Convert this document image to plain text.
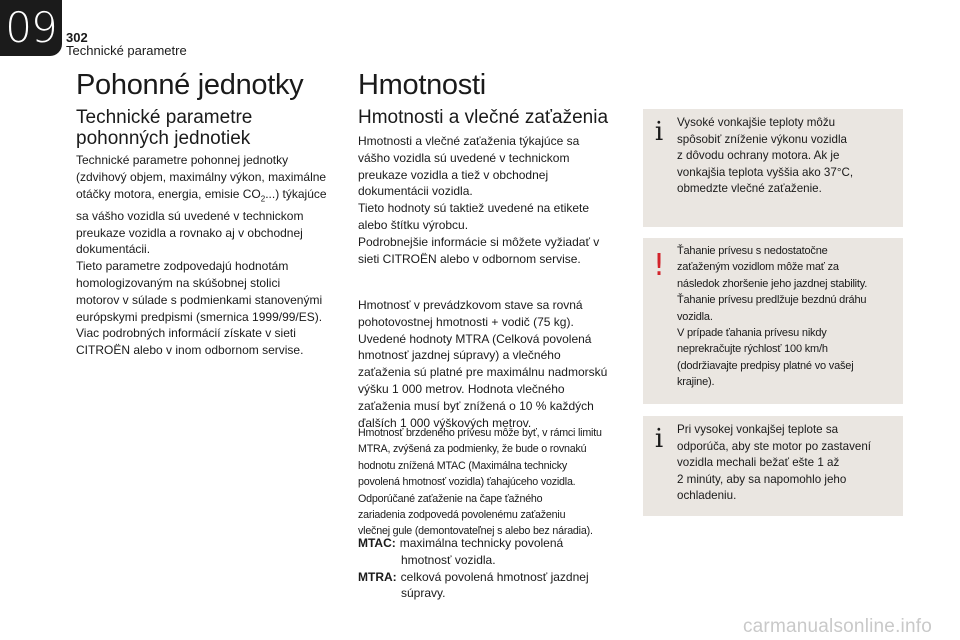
09 302
Technické parametre
Pohonné jednotky
Technické parametre
pohonných jednotiek

Technické parametre pohonnej jednotky

(zdvihový objem, maximálny výkon, maximálne

otáčky motora, energia, emisie $CO_2$...) týkajúce

sa vášho vozidla sú uvedené v technickom

preukaze vozidla a rovnako aj v obchodnej

dokumentácii.

Tieto parametre zodpovedajú hodnotám

homologizovaným na skúšobnej stolici

motorov v súlade s podmienkami stanovenými

európskymi predpismi (smernica 1999/99/ES).

Viac podrobných informácií získate v sieti

CITROËN alebo v inom odbornom servise.

Hmotnosti
Hmotnosti a vlečné zaťaženia

Hmotnosti a vlečné zaťaženia týkajúce sa

vášho vozidla sú uvedené v technickom

preukaze vozidla a tiež v obchodnej

dokumentácii vozidla.

Tieto hodnoty sú taktiež uvedené na etikete

alebo štítku výrobcu.

Podrobnejšie informácie si môžete vyžiadať v

sieti CITROËN alebo v odbornom servise.

Hmotnosť v prevádzkovom stave sa rovná

pohotovostnej hmotnosti + vodič (75 kg).

Uvedené hodnoty MTRA (Celková povolená

hmotnosť jazdnej súpravy) a vlečného

zaťaženia sú platné pre maximálnu nadmorskú

výšku 1 000 metrov. Hodnota vlečného

zaťaženia musí byť znížená o 10 % každých

ďalších 1 000 výškových metrov.

Hmotnosť brzdeného prívesu môže byť, v rámci limitu

MTRA, zvýšená za podmienky, že bude o rovnakú

hodnotu znížená MTAC (Maximálna technicky

povolená hmotnosť vozidla) ťahajúceho vozidla.

Odporúčané zaťaženie na čape ťažného

zariadenia zodpovedá povolenému zaťaženiu

vlečnej gule (demontovateľnej s alebo bez náradia).

MTAC: maximálna technicky povolená
hmotnosť vozidla.
MTRA: celková povolená hmotnosť jazdnej
súpravy.
i	Vysoké vonkajšie teploty môžu

spôsobiť zníženie výkonu vozidla

z dôvodu ochrany motora. Ak je

vonkajšia teplota vyššia ako 37°C,

obmedzte vlečné zaťaženie.

!	Ťahanie prívesu s nedostatočne

zaťaženým vozidlom môže mať za

následok zhoršenie jeho jazdnej stability.

Ťahanie prívesu predlžuje bezdnú dráhu

vozidla.

V prípade ťahania prívesu nikdy

neprekračujte rýchlosť 100 km/h

(dodržiavajte predpisy platné vo vašej

krajine).

i	Pri vysokej vonkajšej teplote sa

odporúča, aby ste motor po zastavení

vozidla mechali bežať ešte 1 až

2 minúty, aby sa napomohlo jeho

ochladeniu.

carmanualsonline.info
